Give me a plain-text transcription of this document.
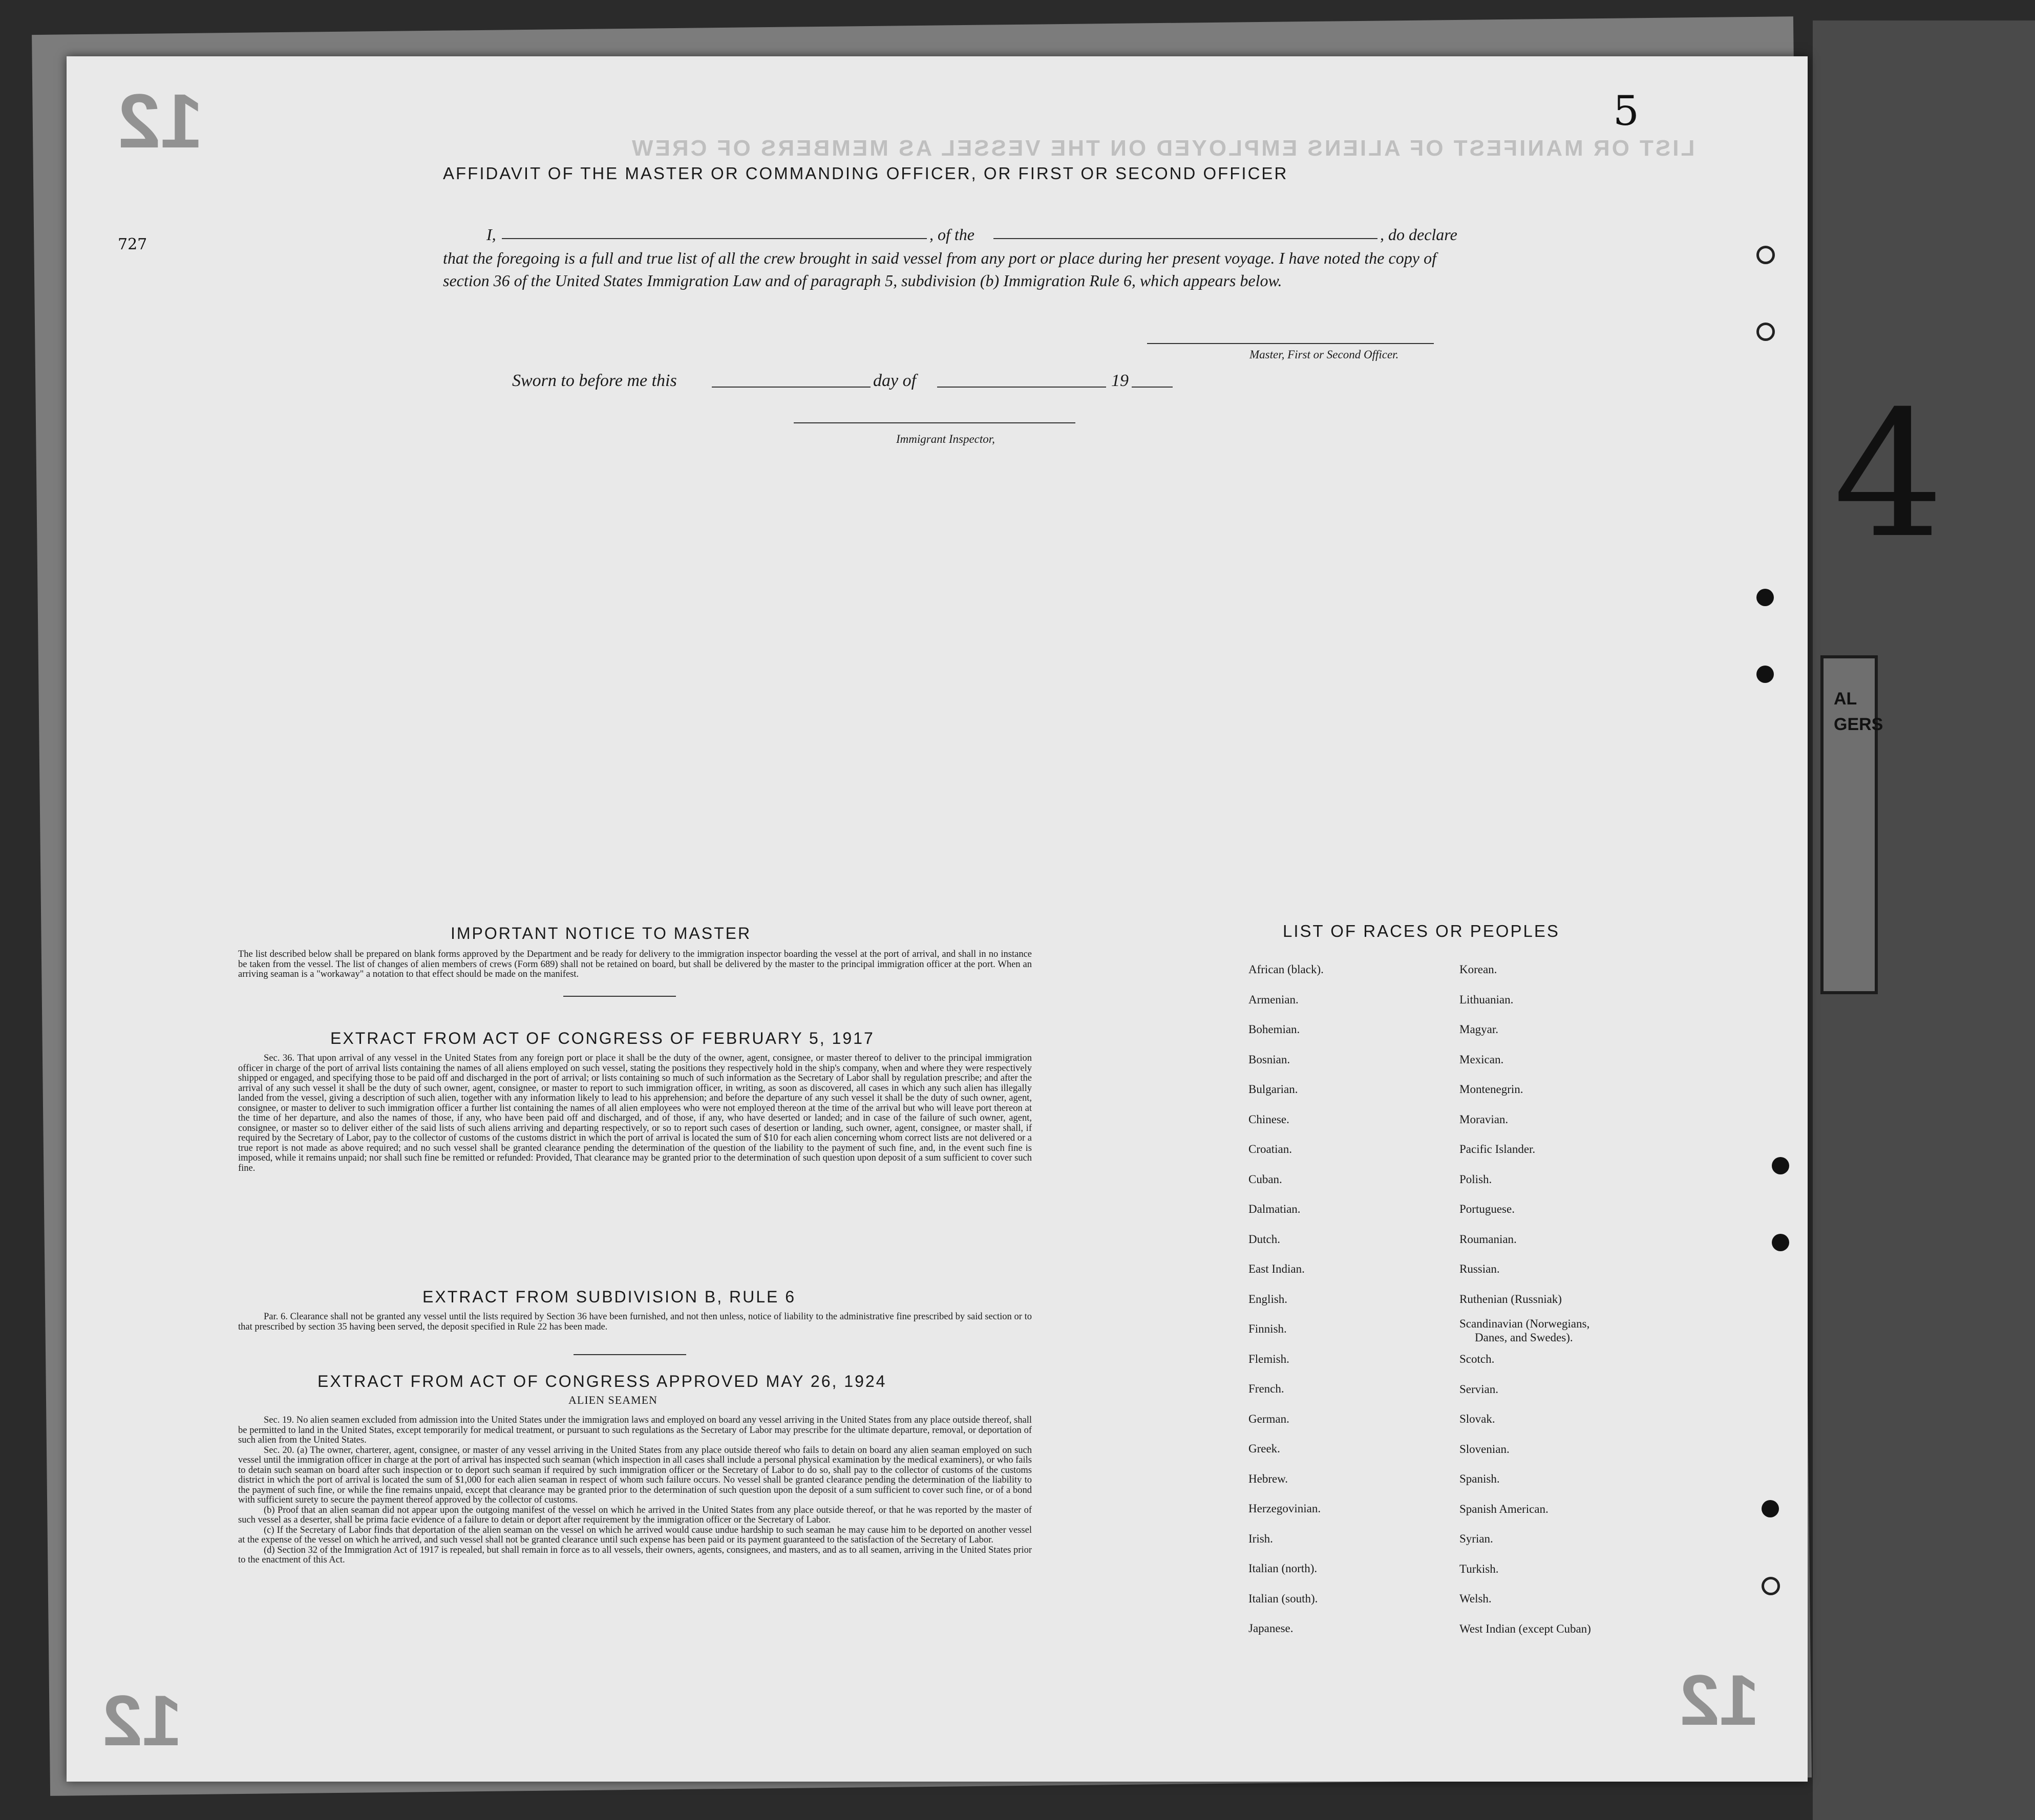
AL
GERS
LIST OR MANIFEST OF ALIENS EMPLOYED ON THE VESSEL AS MEMBERS OF CREW
12
12	12
5
4
727
AFFIDAVIT OF THE MASTER OR COMMANDING OFFICER, OR FIRST OR SECOND OFFICER
I,	, of the	, do declare
that the foregoing is a full and true list of all the crew brought in said vessel from any port or place during her present voyage. I have noted the copy of section 36 of the United States Immigration Law and of paragraph 5, subdivision (b) Immigration Rule 6, which appears below.
Master, First or Second Officer.
Sworn to before me this	day of	19
Immigrant Inspector,
IMPORTANT NOTICE TO MASTER
The list described below shall be prepared on blank forms approved by the Department and be ready for delivery to the immigration inspector boarding the vessel at the port of arrival, and shall in no instance be taken from the vessel. The list of changes of alien members of crews (Form 689) shall not be retained on board, but shall be delivered by the master to the principal immigration officer at the port. When an arriving seaman is a "workaway" a notation to that effect should be made on the manifest.
EXTRACT FROM ACT OF CONGRESS OF FEBRUARY 5, 1917
Sec. 36. That upon arrival of any vessel in the United States from any foreign port or place it shall be the duty of the owner, agent, consignee, or master thereof to deliver to the principal immigration officer in charge of the port of arrival lists containing the names of all aliens employed on such vessel, stating the positions they respectively hold in the ship's company, when and where they were respectively shipped or engaged, and specifying those to be paid off and discharged in the port of arrival; or lists containing so much of such information as the Secretary of Labor shall by regulation prescribe; and after the arrival of any such vessel it shall be the duty of such owner, agent, consignee, or master to report to such immigration officer, in writing, as soon as discovered, all cases in which any such alien has illegally landed from the vessel, giving a description of such alien, together with any information likely to lead to his apprehension; and before the departure of any such vessel it shall be the duty of such owner, agent, consignee, or master to deliver to such immigration officer a further list containing the names of all alien employees who were not employed thereon at the time of the arrival but who will leave port thereon at the time of her departure, and also the names of those, if any, who have been paid off and discharged, and of those, if any, who have deserted or landed; and in case of the failure of such owner, agent, consignee, or master so to deliver either of the said lists of such aliens arriving and departing respectively, or so to report such cases of desertion or landing, such owner, agent, consignee, or master shall, if required by the Secretary of Labor, pay to the collector of customs of the customs district in which the port of arrival is located the sum of $10 for each alien concerning whom correct lists are not delivered or a true report is not made as above required; and no such vessel shall be granted clearance pending the determination of the question of the liability to the payment of such fine, and, in the event such fine is imposed, while it remains unpaid; nor shall such fine be remitted or refunded: Provided, That clearance may be granted prior to the determination of such question upon deposit of a sum sufficient to cover such fine.
EXTRACT FROM SUBDIVISION B, RULE 6
Par. 6. Clearance shall not be granted any vessel until the lists required by Section 36 have been furnished, and not then unless, notice of liability to the administrative fine prescribed by said section or to that prescribed by section 35 having been served, the deposit specified in Rule 22 has been made.
EXTRACT FROM ACT OF CONGRESS APPROVED MAY 26, 1924
ALIEN SEAMEN
Sec. 19. No alien seamen excluded from admission into the United States under the immigration laws and employed on board any vessel arriving in the United States from any place outside thereof, shall be permitted to land in the United States, except temporarily for medical treatment, or pursuant to such regulations as the Secretary of Labor may prescribe for the ultimate departure, removal, or deportation of such alien from the United States.
Sec. 20. (a) The owner, charterer, agent, consignee, or master of any vessel arriving in the United States from any place outside thereof who fails to detain on board any alien seaman employed on such vessel until the immigration officer in charge at the port of arrival has inspected such seaman (which inspection in all cases shall include a personal physical examination by the medical examiners), or who fails to detain such seaman on board after such inspection or to deport such seaman if required by such immigration officer or the Secretary of Labor to do so, shall pay to the collector of customs of the customs district in which the port of arrival is located the sum of $1,000 for each alien seaman in respect of whom such failure occurs. No vessel shall be granted clearance pending the determination of the liability to the payment of such fine, or while the fine remains unpaid, except that clearance may be granted prior to the determination of such question upon the deposit of a sum sufficient to cover such fine, or of a bond with sufficient surety to secure the payment thereof approved by the collector of customs.
(b) Proof that an alien seaman did not appear upon the outgoing manifest of the vessel on which he arrived in the United States from any place outside thereof, or that he was reported by the master of such vessel as a deserter, shall be prima facie evidence of a failure to detain or deport after requirement by the immigration officer or the Secretary of Labor.
(c) If the Secretary of Labor finds that deportation of the alien seaman on the vessel on which he arrived would cause undue hardship to such seaman he may cause him to be deported on another vessel at the expense of the vessel on which he arrived, and such vessel shall not be granted clearance until such expense has been paid or its payment guaranteed to the satisfaction of the Secretary of Labor.
(d) Section 32 of the Immigration Act of 1917 is repealed, but shall remain in force as to all vessels, their owners, agents, consignees, and masters, and as to all seamen, arriving in the United States prior to the enactment of this Act.
LIST OF RACES OR PEOPLES
African (black).
Armenian.
Bohemian.
Bosnian.
Bulgarian.
Chinese.
Croatian.
Cuban.
Dalmatian.
Dutch.
East Indian.
English.
Finnish.
Flemish.
French.
German.
Greek.
Hebrew.
Herzegovinian.
Irish.
Italian (north).
Italian (south).
Japanese.
Korean.
Lithuanian.
Magyar.
Mexican.
Montenegrin.
Moravian.
Pacific Islander.
Polish.
Portuguese.
Roumanian.
Russian.
Ruthenian (Russniak)
Scandinavian (Norwegians,
Danes, and Swedes).
Scotch.
Servian.
Slovak.
Slovenian.
Spanish.
Spanish American.
Syrian.
Turkish.
Welsh.
West Indian (except Cuban)
